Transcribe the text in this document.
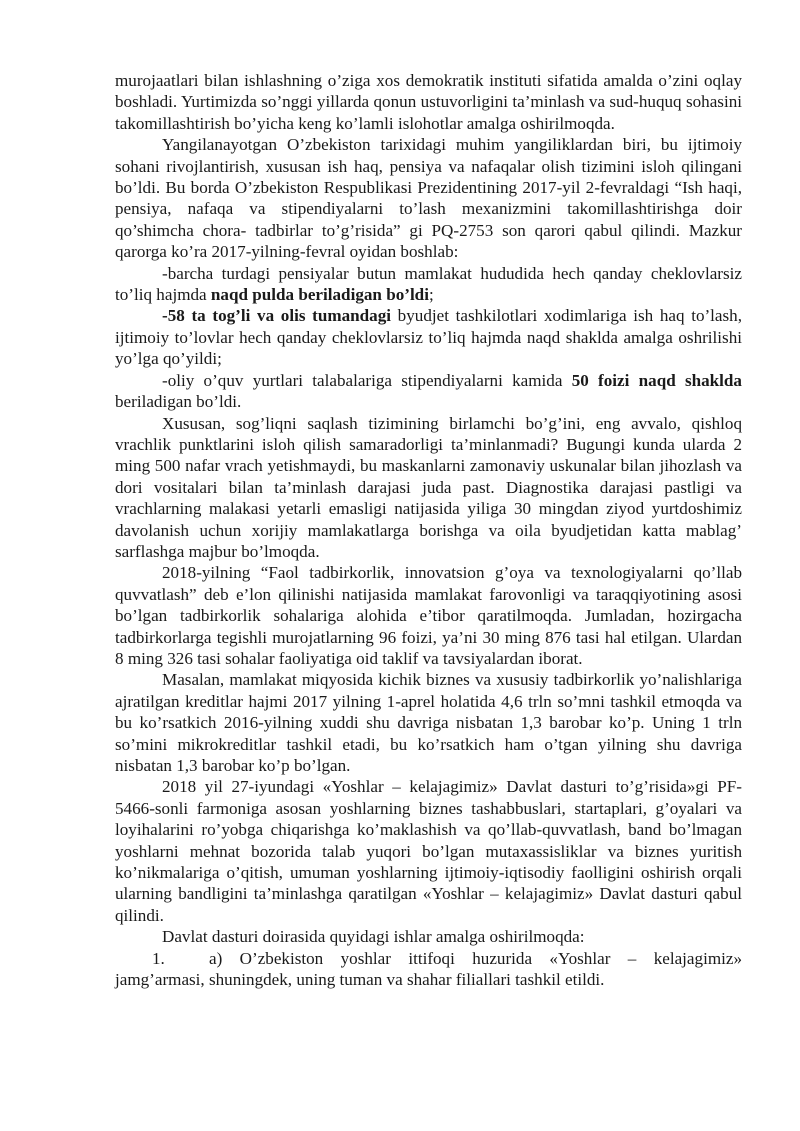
murojaatlari bilan ishlashning o’ziga xos demokratik instituti sifatida amalda o’zini oqlay boshladi. Yurtimizda so’nggi yillarda qonun ustuvorligini ta’minlash va sud-huquq sohasini takomillashtirish bo’yicha keng ko’lamli islohotlar amalga oshirilmoqda.

Yangilanayotgan O’zbekiston tarixidagi muhim yangiliklardan biri, bu ijtimoiy sohani rivojlantirish, xususan ish haq, pensiya va nafaqalar olish tizimini isloh qilingani bo’ldi. Bu borda O’zbekiston Respublikasi Prezidentining 2017-yil 2-fevraldagi “Ish haqi, pensiya, nafaqa va stipendiyalarni to’lash mexanizmini takomillashtirishga doir qo’shimcha chora- tadbirlar to’g’risida” gi PQ-2753 son qarori qabul qilindi. Mazkur qarorga ko’ra 2017-yilning-fevral oyidan boshlab:

-barcha turdagi pensiyalar butun mamlakat hududida hech qanday cheklovlarsiz to’liq hajmda naqd pulda beriladigan bo’ldi;

-58 ta tog’li va olis tumandagi byudjet tashkilotlari xodimlariga ish haq to’lash, ijtimoiy to’lovlar hech qanday cheklovlarsiz to’liq hajmda naqd shaklda amalga oshrilishi yo’lga qo’yildi;

-oliy o’quv yurtlari talabalariga stipendiyalarni kamida 50 foizi naqd shaklda beriladigan bo’ldi.

Xususan, sog’liqni saqlash tizimining birlamchi bo’g’ini, eng avvalo, qishloq vrachlik punktlarini isloh qilish samaradorligi ta’minlanmadi? Bugungi kunda ularda 2 ming 500 nafar vrach yetishmaydi, bu maskanlarni zamonaviy uskunalar bilan jihozlash va dori vositalari bilan ta’minlash darajasi juda past. Diagnostika darajasi pastligi va vrachlarning malakasi yetarli emasligi natijasida yiliga 30 mingdan ziyod yurtdoshimiz davolanish uchun xorijiy mamlakatlarga borishga va oila byudjetidan katta mablag’ sarflashga majbur bo’lmoqda.

2018-yilning “Faol tadbirkorlik, innovatsion g’oya va texnologiyalarni qo’llab quvvatlash” deb e’lon qilinishi natijasida mamlakat farovonligi va taraqqiyotining asosi bo’lgan tadbirkorlik sohalariga alohida e’tibor qaratilmoqda. Jumladan, hozirgacha tadbirkorlarga tegishli murojatlarning 96 foizi, ya’ni 30 ming 876 tasi hal etilgan. Ulardan 8 ming 326 tasi sohalar faoliyatiga oid taklif va tavsiyalardan iborat.

Masalan, mamlakat miqyosida kichik biznes va xususiy tadbirkorlik yo’nalishlariga ajratilgan kreditlar hajmi 2017 yilning 1-aprel holatida 4,6 trln so’mni tashkil etmoqda va bu ko’rsatkich 2016-yilning xuddi shu davriga nisbatan 1,3 barobar ko’p. Uning 1 trln so’mini mikrokreditlar tashkil etadi, bu ko’rsatkich ham o’tgan yilning shu davriga nisbatan 1,3 barobar ko’p bo’lgan.

2018 yil 27-iyundagi «Yoshlar – kelajagimiz» Davlat dasturi to’g’risida»gi PF-5466-sonli farmoniga asosan yoshlarning biznes tashabbuslari, startaplari, g’oyalari va loyihalarini ro’yobga chiqarishga ko’maklashish va qo’llab-quvvatlash, band bo’lmagan yoshlarni mehnat bozorida talab yuqori bo’lgan mutaxassisliklar va biznes yuritish ko’nikmalariga o’qitish, umuman yoshlarning ijtimoiy-iqtisodiy faolligini oshirish orqali ularning bandligini ta’minlashga qaratilgan «Yoshlar – kelajagimiz» Davlat dasturi qabul qilindi.

Davlat dasturi doirasida quyidagi ishlar amalga oshirilmoqda:

1.	a) O’zbekiston yoshlar ittifoqi huzurida «Yoshlar – kelajagimiz» jamg’armasi, shuningdek, uning tuman va shahar filiallari tashkil etildi.
